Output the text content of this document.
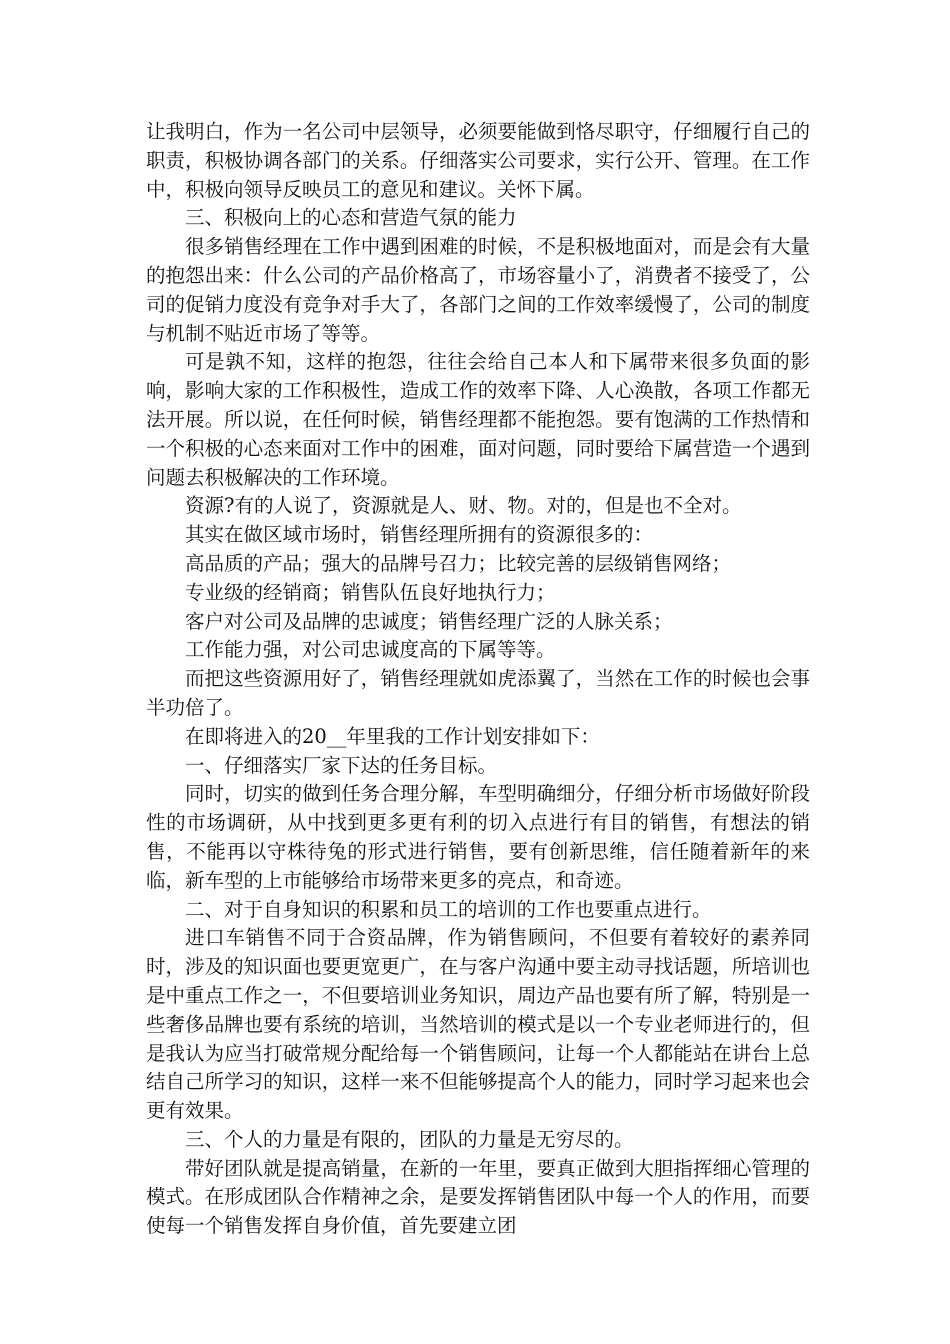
让我明白，作为一名公司中层领导，必须要能做到恪尽职守，仔细履行自己的职责，积极协调各部门的关系。仔细落实公司要求，实行公开、管理。在工作中，积极向领导反映员工的意见和建议。关怀下属。

三、积极向上的心态和营造气氛的能力

很多销售经理在工作中遇到困难的时候，不是积极地面对，而是会有大量的抱怨出来：什么公司的产品价格高了，市场容量小了，消费者不接受了，公司的促销力度没有竞争对手大了，各部门之间的工作效率缓慢了，公司的制度与机制不贴近市场了等等。

可是孰不知，这样的抱怨，往往会给自己本人和下属带来很多负面的影响，影响大家的工作积极性，造成工作的效率下降、人心涣散，各项工作都无法开展。所以说，在任何时候，销售经理都不能抱怨。要有饱满的工作热情和一个积极的心态来面对工作中的困难，面对问题，同时要给下属营造一个遇到问题去积极解决的工作环境。

资源?有的人说了，资源就是人、财、物。对的，但是也不全对。

其实在做区域市场时，销售经理所拥有的资源很多的：

高品质的产品；强大的品牌号召力；比较完善的层级销售网络；

专业级的经销商；销售队伍良好地执行力；

客户对公司及品牌的忠诚度；销售经理广泛的人脉关系；

工作能力强，对公司忠诚度高的下属等等。

而把这些资源用好了，销售经理就如虎添翼了，当然在工作的时候也会事半功倍了。

在即将进入的20__年里我的工作计划安排如下：

一、仔细落实厂家下达的任务目标。

同时，切实的做到任务合理分解，车型明确细分，仔细分析市场做好阶段性的市场调研，从中找到更多更有利的切入点进行有目的销售，有想法的销售，不能再以守株待兔的形式进行销售，要有创新思维，信任随着新年的来临，新车型的上市能够给市场带来更多的亮点，和奇迹。

二、对于自身知识的积累和员工的培训的工作也要重点进行。

进口车销售不同于合资品牌，作为销售顾问，不但要有着较好的素养同时，涉及的知识面也要更宽更广，在与客户沟通中要主动寻找话题，所培训也是中重点工作之一，不但要培训业务知识，周边产品也要有所了解，特别是一些奢侈品牌也要有系统的培训，当然培训的模式是以一个专业老师进行的，但是我认为应当打破常规分配给每一个销售顾问，让每一个人都能站在讲台上总结自己所学习的知识，这样一来不但能够提高个人的能力，同时学习起来也会更有效果。

三、个人的力量是有限的，团队的力量是无穷尽的。

带好团队就是提高销量，在新的一年里，要真正做到大胆指挥细心管理的模式。在形成团队合作精神之余，是要发挥销售团队中每一个人的作用，而要使每一个销售发挥自身价值，首先要建立团
